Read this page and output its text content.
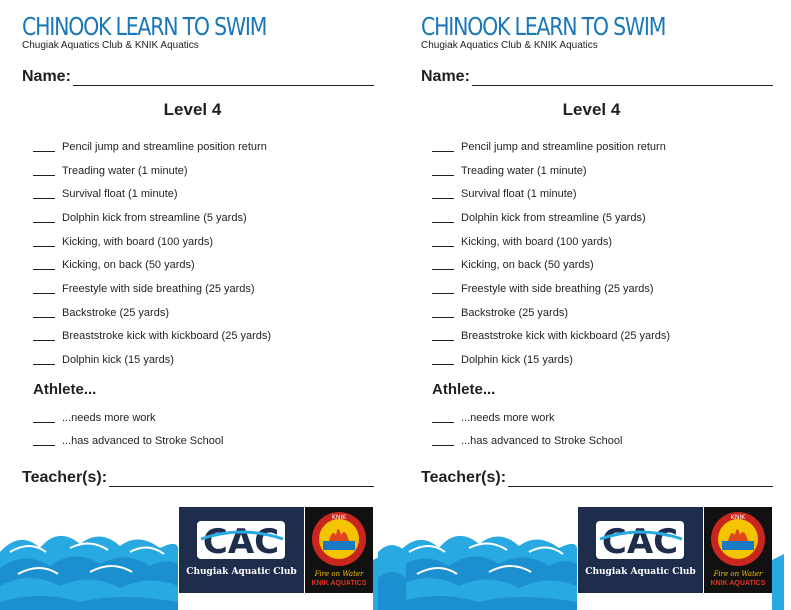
CHINOOK LEARN TO SWIM
Chugiak Aquatics Club & KNIK Aquatics
Name:
Level 4
Pencil jump and streamline position return
Treading water (1 minute)
Survival float (1 minute)
Dolphin kick from streamline (5 yards)
Kicking, with board (100 yards)
Kicking, on back (50 yards)
Freestyle with side breathing (25 yards)
Backstroke (25 yards)
Breaststroke kick with kickboard (25 yards)
Dolphin kick (15 yards)
Athlete...
...needs more work
...has advanced to Stroke School
Teacher(s):
CAC
Chugiak Aquatic Club
KNIK
Fire on Water
KNIK AQUATICS
CHINOOK LEARN TO SWIM
Chugiak Aquatics Club & KNIK Aquatics
Name:
Level 4
Pencil jump and streamline position return
Treading water (1 minute)
Survival float (1 minute)
Dolphin kick from streamline (5 yards)
Kicking, with board (100 yards)
Kicking, on back (50 yards)
Freestyle with side breathing (25 yards)
Backstroke (25 yards)
Breaststroke kick with kickboard (25 yards)
Dolphin kick (15 yards)
Athlete...
...needs more work
...has advanced to Stroke School
Teacher(s):
CAC
Chugiak Aquatic Club
KNIK
Fire on Water
KNIK AQUATICS
